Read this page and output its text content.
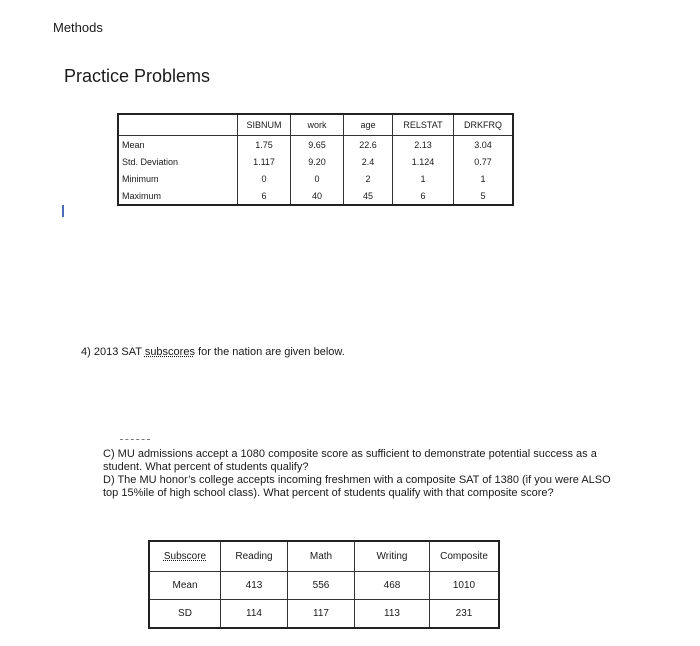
Methods
Practice Problems
	SIBNUM	work	age	RELSTAT	DRKFRQ
Mean	1.75	9.65	22.6	2.13	3.04
Std. Deviation	1.117	9.20	2.4	1.124	0.77
Minimum	0	0	2	1	1
Maximum	6	40	45	6	5
4) 2013 SAT subscores for the nation are given below.
C) MU admissions accept a 1080 composite score as sufficient to demonstrate potential success as a student. What percent of students qualify?
D) The MU honor’s college accepts incoming freshmen with a composite SAT of 1380 (if you were ALSO top 15%ile of high school class). What percent of students qualify with that composite score?
Subscore	Reading	Math	Writing	Composite
Mean	413	556	468	1010
SD	114	117	113	231
